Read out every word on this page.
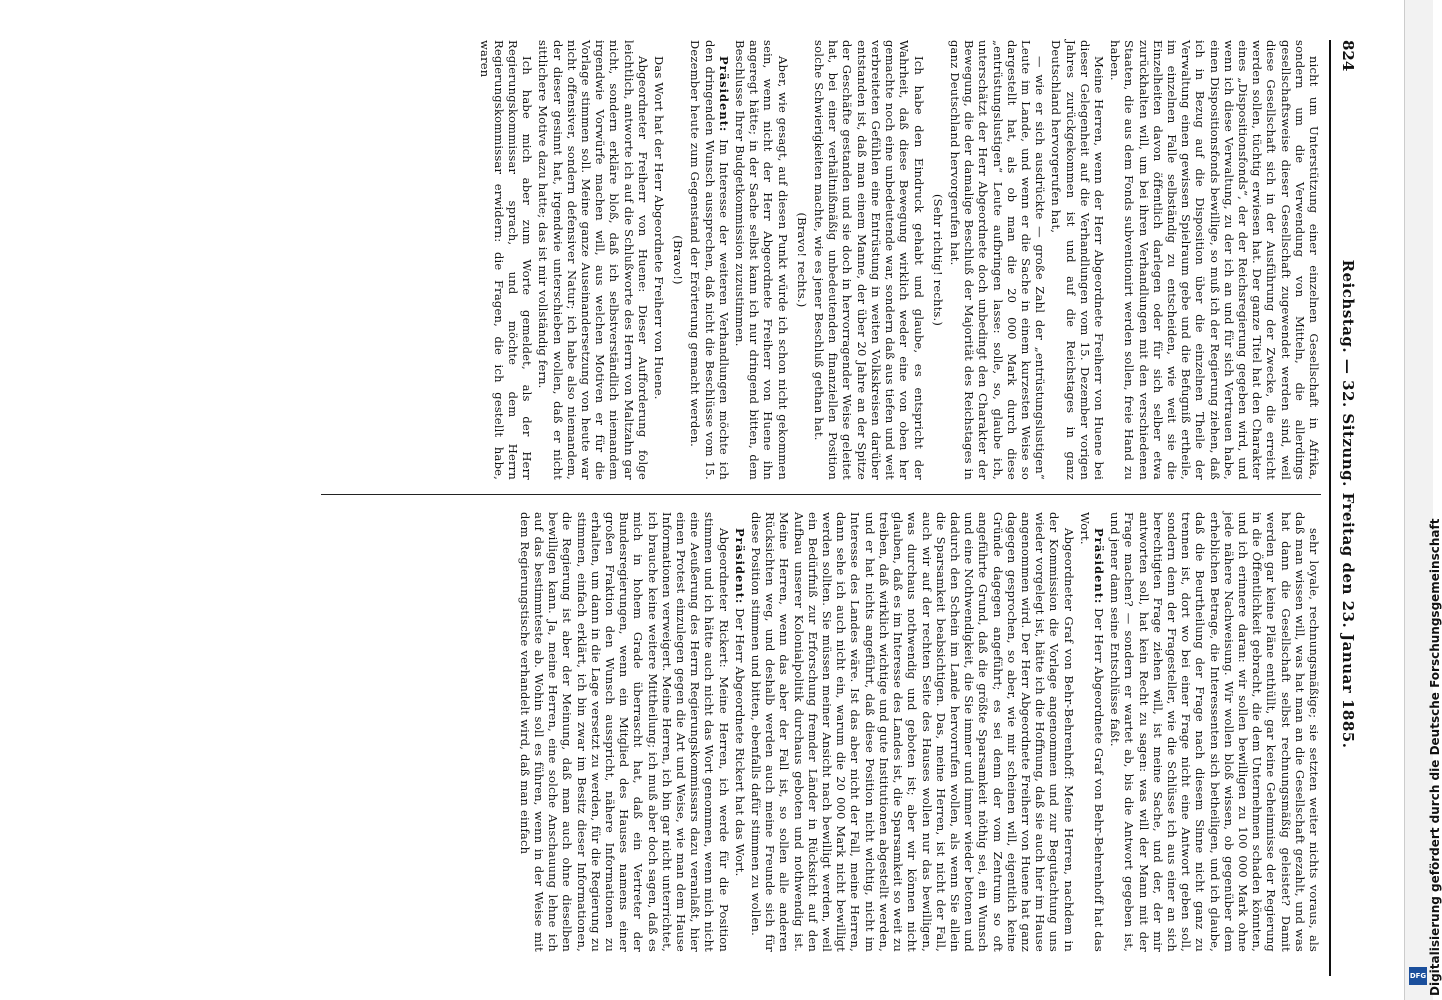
824
Reichstag. — 32. Sitzung. Freitag den 23. Januar 1885.

nicht um Unterstützung einer einzelnen Gesellschaft in Afrika, sondern um die Verwendung von Mitteln, die allerdings gesellschaftsweise dieser Gesellschaft zugewendet werden sind, weil diese Gesellschaft sich in der Ausführung der Zwecke, die erreicht werden sollen, tüchtig erwiesen hat. Der ganze Titel hat den Charakter eines „Dispositionsfonds“, der der Reichsregierung gegeben wird, und wenn ich diese Verwaltung, zu der ich an und für sich Vertrauen habe, einen Dispositionsfonds bewillige, so muß ich der Regierung ziehen, daß ich in Bezug auf die Disposition über die einzelnen Theile der Verwaltung einen gewissen Spielraum gebe und die Befugniß ertheile, im einzelnen Falle selbständig zu entscheiden, wie weit sie die Einzelheiten davon öffentlich darlegen oder für sich selber etwa zurückhalten will, um bei ihren Verhandlungen mit den verschiedenen Staaten, die aus dem Fonds subventionirt werden sollen, freie Hand zu haben.

Meine Herren, wenn der Herr Abgeordnete Freiherr von Huene bei dieser Gelegenheit auf die Verhandlungen vom 15. Dezember vorigen Jahres zurückgekommen ist und auf die Reichstages in ganz Deutschland hervorgerufen hat,

— wie er sich ausdrückte — große Zahl der „entrüstungslustigen“ Leute im Lande, und wenn er die Sache in einem kurzesten Weise so dargestellt hat, als ob man die 20 000 Mark durch diese „entrüstungslustigen“ Leute aufbringen lasse: solle, so, glaube ich, unterschätzt der Herr Abgeordnete doch unbedingt den Charakter der Bewegung, die der damalige Beschluß der Majorität des Reichstages in ganz Deutschland hervorgerufen hat.

(Sehr richtig! rechts.)

Ich habe den Eindruck gehabt und glaube, es entspricht der Wahrheit, daß diese Bewegung wirklich weder eine von oben her gemachte noch eine unbedeutende war, sondern daß aus tiefen und weit verbreiteten Gefühlen eine Entrüstung in weiten Volkskreisen darüber entstanden ist, daß man einem Manne, der über 20 Jahre an der Spitze der Geschäfte gestanden und sie doch in hervorragender Weise geleitet hat, bei einer verhältnißmäßig unbedeutenden finanziellen Position solche Schwierigkeiten machte, wie es jener Beschluß gethan hat.

(Bravo! rechts.)

Aber, wie gesagt, auf diesen Punkt würde ich schon nicht gekommen sein, wenn nicht der Herr Abgeordnete Freiherr von Huene ihn angeregt hätte; in der Sache selbst kann ich nur dringend bitten, dem Beschlusse Ihrer Budgetkommission zuzustimmen.

Präsident: Im Interesse der weiteren Verhandlungen möchte ich den dringenden Wunsch aussprechen, daß nicht die Beschlüsse vom 15. Dezember heute zum Gegenstand der Erörterung gemacht werden.

(Bravo!)

Das Wort hat der Herr Abgeordnete Freiherr von Huene.

Abgeordneter Freiherr von Huene: Dieser Aufforderung folge leichtlich, antworte ich auf die Schlußworte des Herrn von Maltzahn gar nicht, sondern erkläre bloß, daß ich selbstverständlich niemandem irgendwie Vorwürfe machen will, aus welchen Motiven er für die Vorlage stimmen soll. Meine ganze Auseinandersetzung von heute war nicht offensiver, sondern defensiver Natur; ich habe also niemandem, der dieser gesinnt hat, irgendwie unterschieben wollen, daß er nicht sittlichere Motive dazu hatte; das ist mir vollständig fern.

Ich habe mich aber zum Worte gemeldet, als der Herr Regierungskommissar sprach, und möchte dem Herrn Regierungskommissar erwidern: die Fragen, die ich gestellt habe, waren

sehr loyale, rechnungsmäßige; sie setzten weiter nichts voraus, als daß man wissen will, was hat man an die Gesellschaft gezahlt, und was hat dann die Gesellschaft selbst rechnungsmäßig geleistet? Damit werden gar keine Pläne enthüllt, gar keine Geheimnisse der Regierung in die Öffentlichkeit gebracht, die dem Unternehmen schaden könnten, und ich erinnere daran: wir sollen bewilligen zu 100 000 Mark ohne jede nähere Nachweisung. Wir wollen bloß wissen, ob gegenüber dem erheblichen Betrage, die Interessenten sich betheiligen, und ich glaube, daß die Beurtheilung der Frage nach diesem Sinne nicht ganz zu trennen ist, dort wo bei einer Frage nicht eine Antwort geben soll, sondern denn der Fragesteller, wie die Schlüsse ich aus einer an sich berechtigten Frage ziehen will, ist meine Sache, und der, der mir antworten soll, hat kein Recht zu sagen: was will der Mann mit der Frage machen? — sondern er wartet ab, bis die Antwort gegeben ist, und jener dann seine Entschlüsse faßt.

Präsident: Der Herr Abgeordnete Graf von Behr-Behrenhoff hat das Wort.

Abgeordneter Graf von Behr-Behrenhoff: Meine Herren, nachdem in der Kommission die Vorlage angenommen und zur Begutachtung uns wieder vorgelegt ist, hätte ich die Hoffnung, daß sie auch hier im Hause angenommen wird. Der Herr Abgeordnete Freiherr von Huene hat ganz dagegen gesprochen, so aber, wie mir scheinen will, eigentlich keine Gründe dagegen angeführt; es sei denn der vom Zentrum so oft angeführte Grund, daß die größte Sparsamkeit nöthig sei, ein Wunsch und eine Nothwendigkeit, die Sie immer und immer wieder betonen und dadurch den Schein im Lande hervorrufen wollen, als wenn Sie allein die Sparsamkeit beabsichtigen. Das, meine Herren, ist nicht der Fall, auch wir auf der rechten Seite des Hauses wollen nur das bewilligen, was durchaus nothwendig und geboten ist; aber wir können nicht glauben, daß es im Interesse des Landes ist, die Sparsamkeit so weit zu treiben, daß wirklich wichtige und gute Institutionen abgestellt werden, und er hat nichts angeführt, daß diese Position nicht wichtig, nicht im Interesse des Landes wäre. Ist das aber nicht der Fall, meine Herren, dann sehe ich auch nicht ein, warum die 20 000 Mark nicht bewilligt werden sollten. Sie müssen meiner Ansicht nach bewilligt werden, weil ein Bedürfniß zur Erforschung fremder Länder in Rücksicht auf den Aufbau unserer Kolonialpolitik durchaus geboten und nothwendig ist. Meine Herren, wenn das aber der Fall ist, so sollen alle anderen Rücksichten weg, und deshalb werden auch meine Freunde sich für diese Position stimmen und bitten, ebenfalls dafür stimmen zu wollen.

Präsident: Der Herr Abgeordnete Rickert hat das Wort.

Abgeordneter Rickert: Meine Herren, ich werde für die Position stimmen und ich hätte auch nicht das Wort genommen, wenn mich nicht eine Aeußerung des Herrn Regierungskommissars dazu veranlaßt, hier einen Protest einzulegen gegen die Art und Weise, wie man dem Hause Informationen verweigert. Meine Herren, ich bin gar nicht unterrichtet, ich brauche keine weitere Mittheilung; ich muß aber doch sagen, daß es mich in hohem Grade überrascht hat, daß ein Vertreter der Bundesregierungen, wenn ein Mitglied des Hauses namens einer großen Fraktion den Wunsch ausspricht, nähere Informationen zu erhalten, um dann in die Lage versetzt zu werden, für die Regierung zu stimmen, einfach erklärt, ich bin zwar im Besitz dieser Informationen, die Regierung ist aber der Meinung, daß man auch ohne dieselben bewilligen kann. Ja, meine Herren, eine solche Anschauung lehne ich auf das bestimmteste ab. Wohin soll es führen, wenn in der Weise mit dem Regierungstische verhandelt wird, daß man einfach	Digitalisierung gefördert durch die Deutsche Forschungsgemeinschaft
DFG
